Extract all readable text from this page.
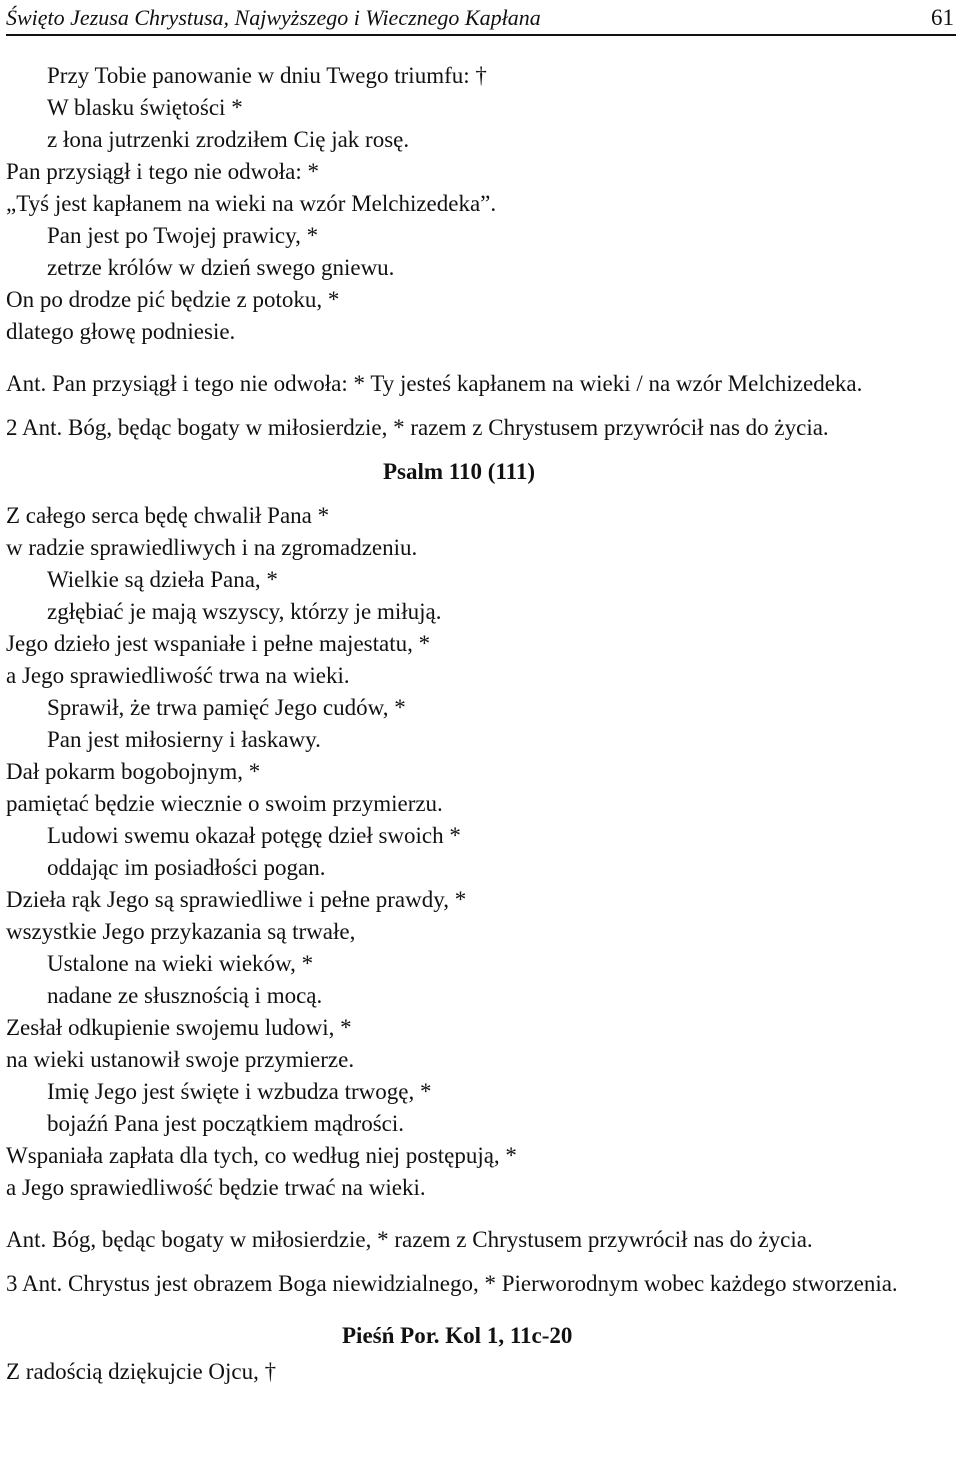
Święto Jezusa Chrystusa, Najwyższego i Wiecznego Kapłana	61
Przy Tobie panowanie w dniu Twego triumfu: †
W blasku świętości *
z łona jutrzenki zrodziłem Cię jak rosę.
Pan przysiągł i tego nie odwoła: *
„Tyś jest kapłanem na wieki na wzór Melchizedeka”.
Pan jest po Twojej prawicy, *
zetrze królów w dzień swego gniewu.
On po drodze pić będzie z potoku, *
dlatego głowę podniesie.
Ant. Pan przysiągł i tego nie odwoła: * Ty jesteś kapłanem na wieki / na wzór Melchizedeka.
2 Ant. Bóg, będąc bogaty w miłosierdzie, * razem z Chrystusem przywrócił nas do życia.
Psalm 110 (111)
Z całego serca będę chwalił Pana *
w radzie sprawiedliwych i na zgromadzeniu.
Wielkie są dzieła Pana, *
zgłębiać je mają wszyscy, którzy je miłują.
Jego dzieło jest wspaniałe i pełne majestatu, *
a Jego sprawiedliwość trwa na wieki.
Sprawił, że trwa pamięć Jego cudów, *
Pan jest miłosierny i łaskawy.
Dał pokarm bogobojnym, *
pamiętać będzie wiecznie o swoim przymierzu.
Ludowi swemu okazał potęgę dzieł swoich *
oddając im posiadłości pogan.
Dzieła rąk Jego są sprawiedliwe i pełne prawdy, *
wszystkie Jego przykazania są trwałe,
Ustalone na wieki wieków, *
nadane ze słusznością i mocą.
Zesłał odkupienie swojemu ludowi, *
na wieki ustanowił swoje przymierze.
Imię Jego jest święte i wzbudza trwogę, *
bojaźń Pana jest początkiem mądrości.
Wspaniała zapłata dla tych, co według niej postępują, *
a Jego sprawiedliwość będzie trwać na wieki.
Ant. Bóg, będąc bogaty w miłosierdzie, * razem z Chrystusem przywrócił nas do życia.
3 Ant. Chrystus jest obrazem Boga niewidzialnego, * Pierworodnym wobec każdego stworzenia.
Pieśń Por. Kol 1, 11c-20
Z radością dziękujcie Ojcu, †
